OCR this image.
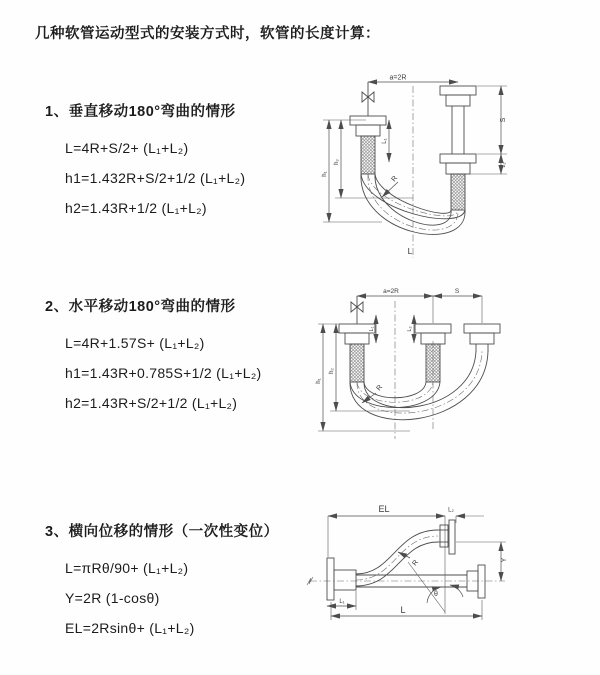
几种软管运动型式的安装方式时，软管的长度计算：
1、垂直移动180°弯曲的情形
L=4R+S/2+ (L₁+L₂)
h1=1.432R+S/2+1/2 (L₁+L₂)
h2=1.43R+1/2 (L₁+L₂)
a=2R
L₁
S
L₂
h₁
h₂
R
L
2、水平移动180°弯曲的情形
L=4R+1.57S+ (L₁+L₂)
h1=1.43R+0.785S+1/2 (L₁+L₂)
h2=1.43R+S/2+1/2 (L₁+L₂)
a=2R	S
L₁	L₂
h₁
h₂
R
3、横向位移的情形（一次性变位）
L=πRθ/90+ (L₁+L₂)
Y=2R (1-cosθ)
EL=2Rsinθ+ (L₁+L₂)
EL	L₂
Y
θ
R
L
L₁
